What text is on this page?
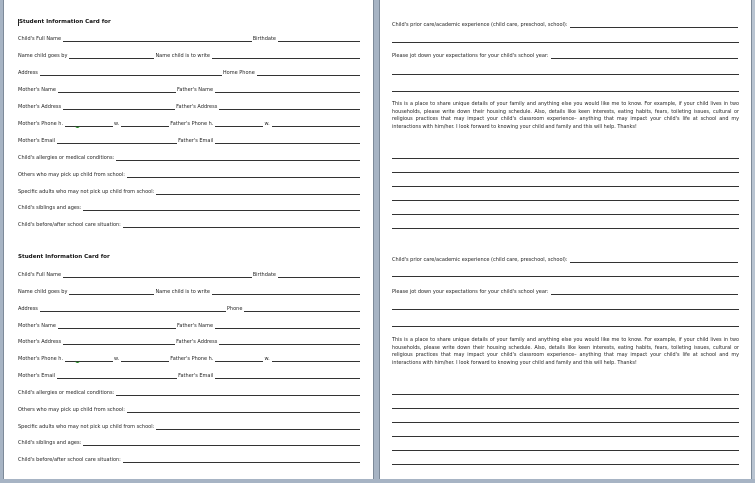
Student Information Card for
Child's Full Name	Birthdate
Name child goes by	Name child is to write
Address	Home Phone
Mother's Name	Father's Name
Mother's Address	Father's Address
Mother's Phone h.	w.	Father's Phone h.	w.
Mother's Email	Father's Email
Child's allergies or medical conditions:
Others who may pick up child from school:
Specific adults who may not pick up child from school:
Child's siblings and ages:
Child's before/after school care situation:
Student Information Card for
Child's Full Name	Birthdate
Name child goes by	Name child is to write
Address	Phone
Mother's Name	Father's Name
Mother's Address	Father's Address
Mother's Phone h.	w.	Father's Phone h.	w.
Mother's Email	Father's Email
Child's allergies or medical conditions:
Others who may pick up child from school:
Specific adults who may not pick up child from school:
Child's siblings and ages:
Child's before/after school care situation:
Child's prior care/academic experience (child care, preschool, school):
Please jot down your expectations for your child's school year:
This is a place to share unique details of your family and anything else you would like me to know. For example, if your child lives in two households, please write down their housing schedule. Also, details like keen interests, eating habits, fears, toileting issues, cultural or religious practices that may impact your child's classroom experience– anything that may impact your child's life at school and my interactions with him/her. I look forward to knowing your child and family and this will help. Thanks!
Child's prior care/academic experience (child care, preschool, school):
Please jot down your expectations for your child's school year:
This is a place to share unique details of your family and anything else you would like me to know. For example, if your child lives in two households, please write down their housing schedule. Also, details like keen interests, eating habits, fears, toileting issues, cultural or religious practices that may impact your child's classroom experience– anything that may impact your child's life at school and my interactions with him/her. I look forward to knowing your child and family and this will help. Thanks!
